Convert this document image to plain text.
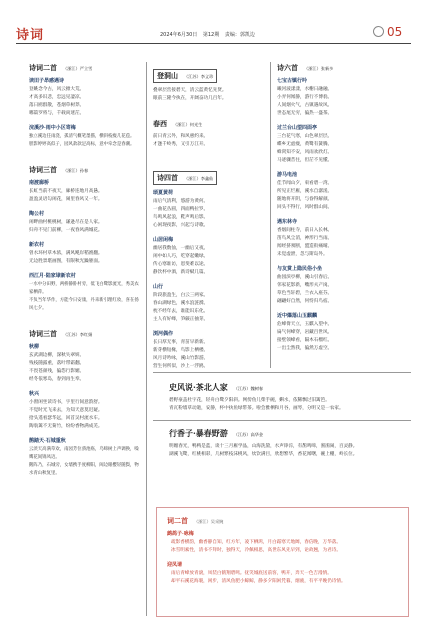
诗词	2024年6月30日 第12期 责编：郭凯边	05
诗词二首 （浙江）严立雪
读田子昂感遇诗
登眺念今古，风云掀大荒。
才高多识悲，忠远见凄凉。
落日鸥群散，苍烟草树莽。
哪篇罗将与，千载尚迷茫。
浣溪沙·雨中小区寄梅
独立溪边任雨浇，孤清气概笔墨描，横斜枝瘦几花苞。
胆影婷婷高似子，园风款款足高标，意中牵念是春潮。
诗词三首 （浙江）孙春
南渡廊桥
长虹当前不夜天，廊桥连地月高悬。
盈盈灵语勾闲花，闹里春风又一年。
陶公村
闲畔曲村桃桃树，谦逊尽在是人家。
归舟不见门前柳，一夜春风满城花。
新农村
曾水环村草木浓，满风飓岸稻渔翻。
无边胜景堪画图，有限秋光躁躯面。
西江月·陆家埭新农村
一水中分田野，两桥静卧村旁，低飞白鹭影流光，秀美农家栖萍。
不负当年华作，方能今日安康，丹耒新引理红妆，喜在扬风七夕。
诗词三首 （江苏）李红娟
秋柳
玄武湖边柳，深秋失翠妍。
残枝随露重，落叶带霜翻。
不畏苍颜残，偏怨行影媚。
经冬依寒岛，春到再生奉。
秋兴
小窗闲坐读诗书，字里行间意韵舒。
不觉时光飞来去，为知天意莫迟疑。
拾头遥看瑟华远，回首吴村流水车。
陶翁篱不无菊竹，纷纷香物满成芜。
鹊踏天·石城重秋
云淡天高满草欢，南园芳位骄池殇，乌啼树上声调换，噪鹰花间锦凤迈。
鹅阵乃，石城旁，女墙携手度柳阳，闽边眼樱轻随鬓，物水青山秋复里。
登洞山 （江苏）李义珍
叠翠层峦接碧天，清云蓝黄忆先贤。
眼前三隆今执在，开阔奋功几百年。
春西 （浙江）何光生
前日青云外，和风惠约来。
才逢千岭秀，又引万江开。
诗四首 （浙江）李鑫仙
颂夏黄荷
雨后气清利，悠游为黄何。
一曲花丛圆，四面鸭拉罗。
鸟鸣风起浪，鞋声鸣后影。
心闲现夜影，兴起与诗歌。
山居闲梅
幽居我数仙，一幽后又夜。
闲中如人巧，吃穿起嫩绿。
传心寒谁访，恩斐难以途。
静饮杯中酒，新诗赋几篇。
山行
阶段旅盈生，白云三两家。
春山湖绿色，溪水浪涟漪。
枕不经年去，谁能识东化。
主人有好峰，笋蕨正抽芽。
浏河偶作
长日厚无事，青苗早新新。
新芽横短椽，鸟影上栖楼。
风月诗吟咏，溪山竹影游。
营生何所似，沙上一浮鸥。
诗六首 （浙江）张新多
七宝古镇行吟
曦河波漾漾，水榭日融融。
小弄何闻静，游行不博翁。
人间烟火气，古镇遇故风。
世态尾无穷，偏热一盛茶。
过兰台山望四面亭
三台花气寒，山色翠层层。
蝶乡无虑瘦，黄鹭有簧腾。
蜂窝知不安，风雨欢欣灯。
马迹骤昔往，但茫不见懂。
游马电池
佳节闻山夕，束看碧一湾。
所见正烂雁，溪水自潺湲。
随地将开阴，与眷得解颜。
回头不得行，风时群山间。
遇东林寺
香烟间柱寺，前日入长林。
笛鸟风尘消，神形行当雨。
闻经挤须断，盟造衔痛晴。
未觉虚泄，忽与斯岛外。
与友赏上隐民俗小坐
曲园滨亭柳，溪山引春后。
邻家花影新，嘴形夫产岗。
草色当轩碧，兰衣入座芬。
翩翩好自然，何恃归鸟宿。
近中爆落山玉麒麟
危峰倚天立，玉麒入望中。
扁气何峰穿，岩藏百世风。
接壁领峰看，隔木石榴红。
一出尘然我，偏然万虚空。
史风说·茶北人家 （江苏）魏树春
碧野豪盖杜宇花，轻舟白鹭夕阳斜。网傍鱼儿柴手碗，蝌水，依稀飘过旧篱笆。
青瓦粉墙草动逝，安静，杯中执鱼绿带茶。啦会雅栖和月谷，画琴，分明又是一农家。
行香子·暴春野游 （江苏）高华金
明媚春光，鸭鸭是蓝，谈十三月雁学晶，山海洗黛，水声铮淙，有鹊鸣啼，蜜鹃闹，百灵静。
湖溪飞鹭，红桃相彩，几树繁枝沫桃风，炊饮满目，欣想繁华，香花闻曙，碗上棚，岭长位。
词二首 （浙江）吴采婉
鹧鸪子·咏梅
疏影香横韵，幽香静自知，红方年，凌下栖鸿，月白霜寒天地阔，春信晚，万华落。
冰雪明素性，清书不拜时，独得天，冷佩相思，高世东风先早到，论故翘，为君诗。
迎凤请
雨后青峰放青滚，凤装白鹤翔碧鸣。抚笑城底送前客，鸭开，奔天一色吉漫情。
却平石溪花海裹，闲步，清风鱼肥小鲸鲸，静多夕阳闲凭暮，烟液，有平平晚仍诗情。
